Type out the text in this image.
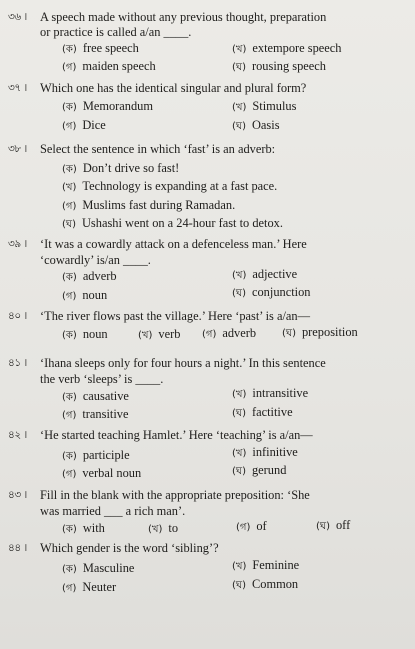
৩৬ ।	A speech made without any previous thought, preparation
or practice is called a/an ____.
(ক) free speech	(খ) extempore speech
(গ) maiden speech	(ঘ) rousing speech
৩৭ ।	Which one has the identical singular and plural form?
(ক) Memorandum	(খ) Stimulus
(গ) Dice	(ঘ) Oasis
৩৮ ।	Select the sentence in which ‘fast’ is an adverb:
(ক) Don’t drive so fast!
(খ) Technology is expanding at a fast pace.
(গ) Muslims fast during Ramadan.
(ঘ) Ushashi went on a 24-hour fast to detox.
৩৯ ।	‘It was a cowardly attack on a defenceless man.’ Here
‘cowardly’ is/an ____.
(ক) adverb	(খ) adjective
(গ) noun	(ঘ) conjunction
৪০ ।	‘The river flows past the village.’ Here ‘past’ is a/an—
(ক) noun	(খ) verb (গ) adverb	(ঘ) preposition
৪১ ।	‘Ihana sleeps only for four hours a night.’ In this sentence
the verb ‘sleeps’ is ____.
(ক) causative	(খ) intransitive
(গ) transitive	(ঘ) factitive
৪২ ।	‘He started teaching Hamlet.’ Here ‘teaching’ is a/an—
(ক) participle	(খ) infinitive
(গ) verbal noun	(ঘ) gerund
৪৩ ।	Fill in the blank with the appropriate preposition: ‘She
was married ___ a rich man’.
(ক) with	(খ) to	(গ) of	(ঘ) off
৪৪ ।	Which gender is the word ‘sibling’?
(ক) Masculine	(খ) Feminine
(গ) Neuter	(ঘ) Common
